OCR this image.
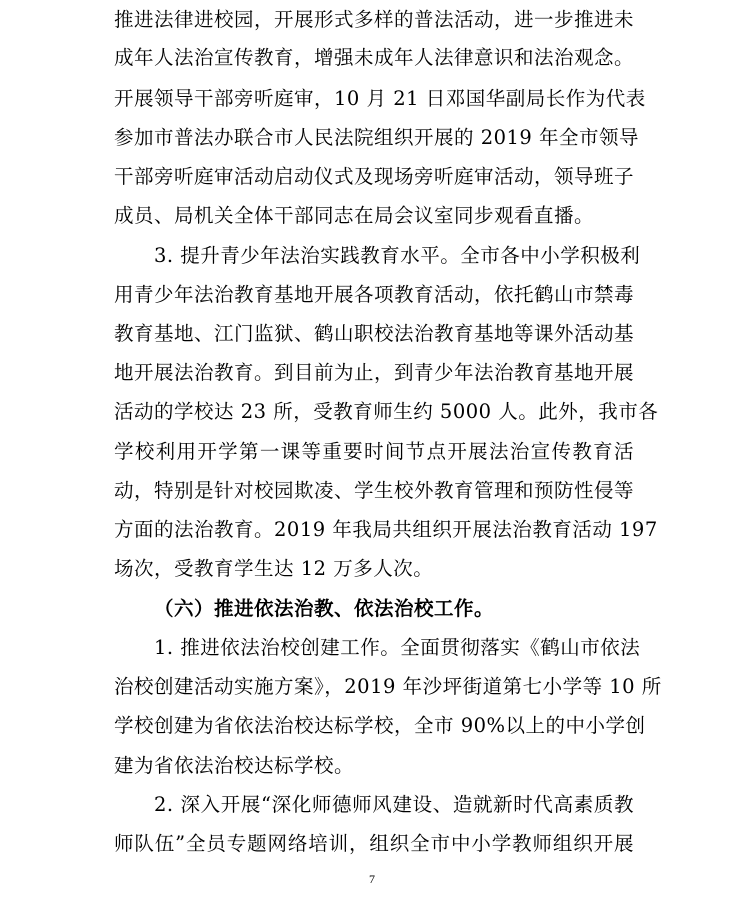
推进法律进校园，开展形式多样的普法活动，进一步推进未
成年人法治宣传教育，增强未成年人法律意识和法治观念。
开展领导干部旁听庭审，10 月 21 日邓国华副局长作为代表
参加市普法办联合市人民法院组织开展的 2019 年全市领导
干部旁听庭审活动启动仪式及现场旁听庭审活动，领导班子
成员、局机关全体干部同志在局会议室同步观看直播。
3. 提升青少年法治实践教育水平。全市各中小学积极利
用青少年法治教育基地开展各项教育活动，依托鹤山市禁毒
教育基地、江门监狱、鹤山职校法治教育基地等课外活动基
地开展法治教育。到目前为止，到青少年法治教育基地开展
活动的学校达 23 所，受教育师生约 5000 人。此外，我市各
学校利用开学第一课等重要时间节点开展法治宣传教育活
动，特别是针对校园欺凌、学生校外教育管理和预防性侵等
方面的法治教育。2019 年我局共组织开展法治教育活动 197
场次，受教育学生达 12 万多人次。
（六）推进依法治教、依法治校工作。
1. 推进依法治校创建工作。全面贯彻落实《鹤山市依法
治校创建活动实施方案》，2019 年沙坪街道第七小学等 10 所
学校创建为省依法治校达标学校，全市 90%以上的中小学创
建为省依法治校达标学校。
2. 深入开展“深化师德师风建设、造就新时代高素质教
师队伍”全员专题网络培训，组织全市中小学教师组织开展
7
